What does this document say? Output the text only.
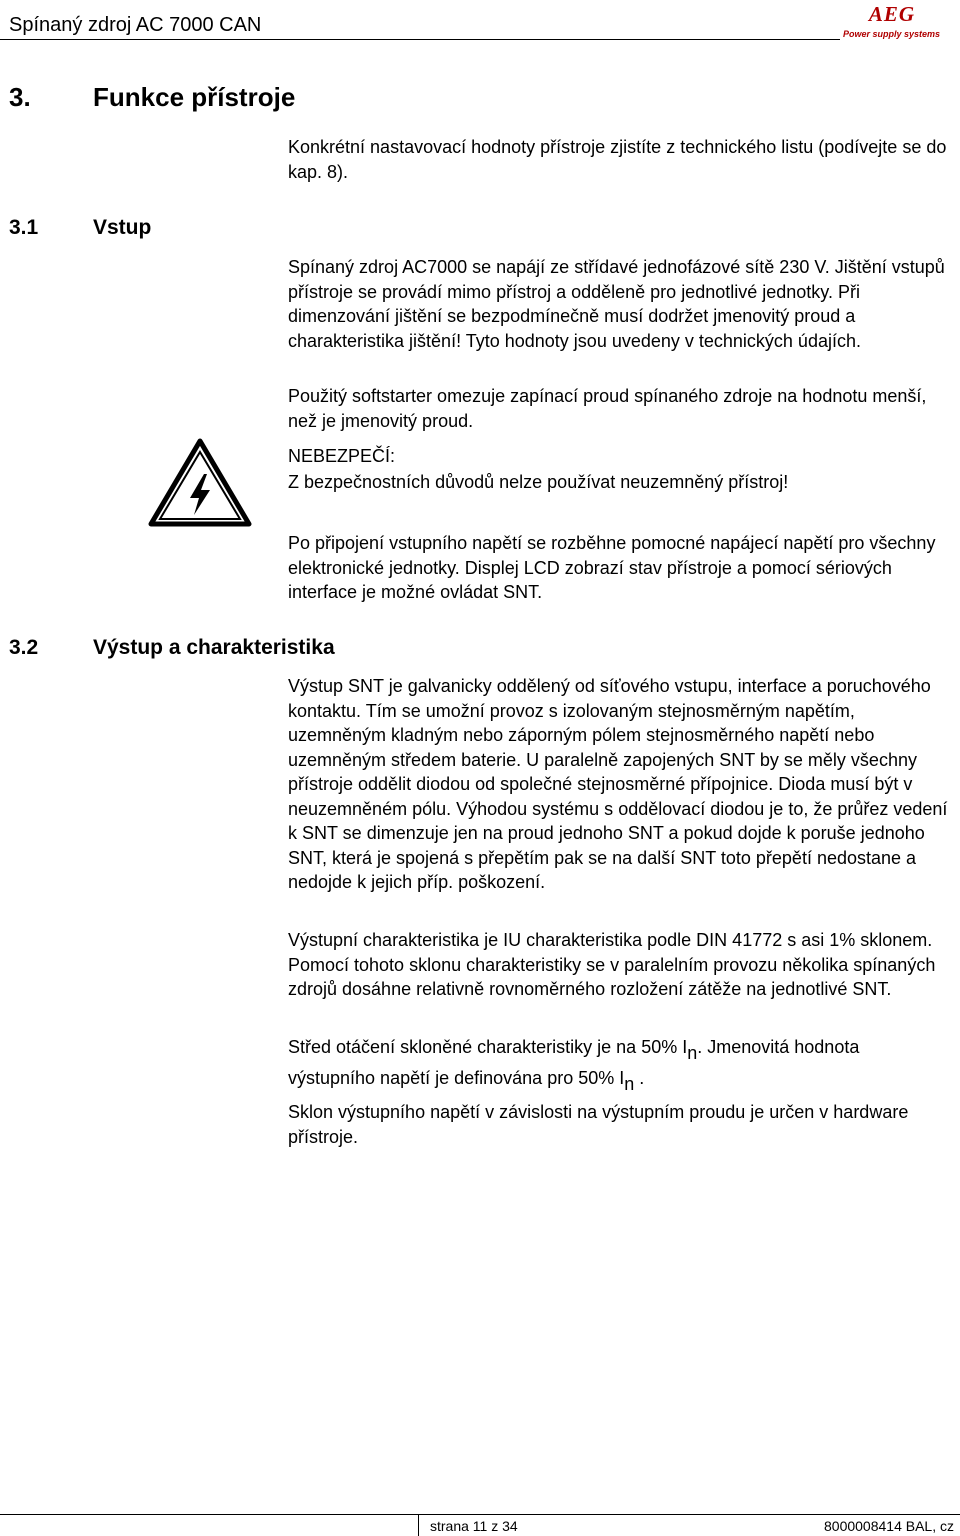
Spínaný zdroj AC 7000 CAN	AEG
Power supply systems
3. Funkce přístroje

Konkrétní nastavovací hodnoty přístroje zjistíte z technického listu (podívejte se do kap. 8).

3.1	Vstup

Spínaný zdroj AC7000 se napájí ze střídavé jednofázové sítě 230 V. Jištění vstupů přístroje se provádí mimo přístroj a odděleně pro jednotlivé jednotky. Při dimenzování jištění se bezpodmínečně musí dodržet jmenovitý proud a charakteristika jištění! Tyto hodnoty jsou uvedeny v technických údajích.

Použitý softstarter omezuje zapínací proud spínaného zdroje na hodnotu menší, než je jmenovitý proud.

NEBEZPEČÍ:

Z bezpečnostních důvodů nelze používat neuzemněný přístroj!

Po připojení vstupního napětí se rozběhne pomocné napájecí napětí pro všechny elektronické jednotky. Displej LCD zobrazí stav přístroje a pomocí sériových interface je možné ovládat SNT.

3.2	Výstup a charakteristika

Výstup SNT je galvanicky oddělený od síťového vstupu, interface a poruchového kontaktu. Tím se umožní provoz s izolovaným stejnosměrným napětím, uzemněným kladným nebo záporným pólem stejnosměrného napětí nebo uzemněným středem baterie. U paralelně zapojených SNT by se měly všechny přístroje oddělit diodou od společné stejnosměrné přípojnice. Dioda musí být v neuzemněném pólu. Výhodou systému s oddělovací diodou je to, že průřez vedení k SNT se dimenzuje jen na proud jednoho SNT a pokud dojde k poruše jednoho SNT, která je spojená s přepětím pak se na další SNT toto přepětí nedostane a nedojde k jejich příp. poškození.

Výstupní charakteristika je IU charakteristika podle DIN 41772 s asi 1% sklonem. Pomocí tohoto sklonu charakteristiky se v paralelním provozu několika spínaných zdrojů dosáhne relativně rovnoměrného rozložení zátěže na jednotlivé SNT.

Střed otáčení skloněné charakteristiky je na 50% $I_n$. Jmenovitá hodnota výstupního napětí je definována pro 50% $I_n$ .

Sklon výstupního napětí v závislosti na výstupním proudu je určen v hardware přístroje.

strana 11 z 34	8000008414 BAL, cz
